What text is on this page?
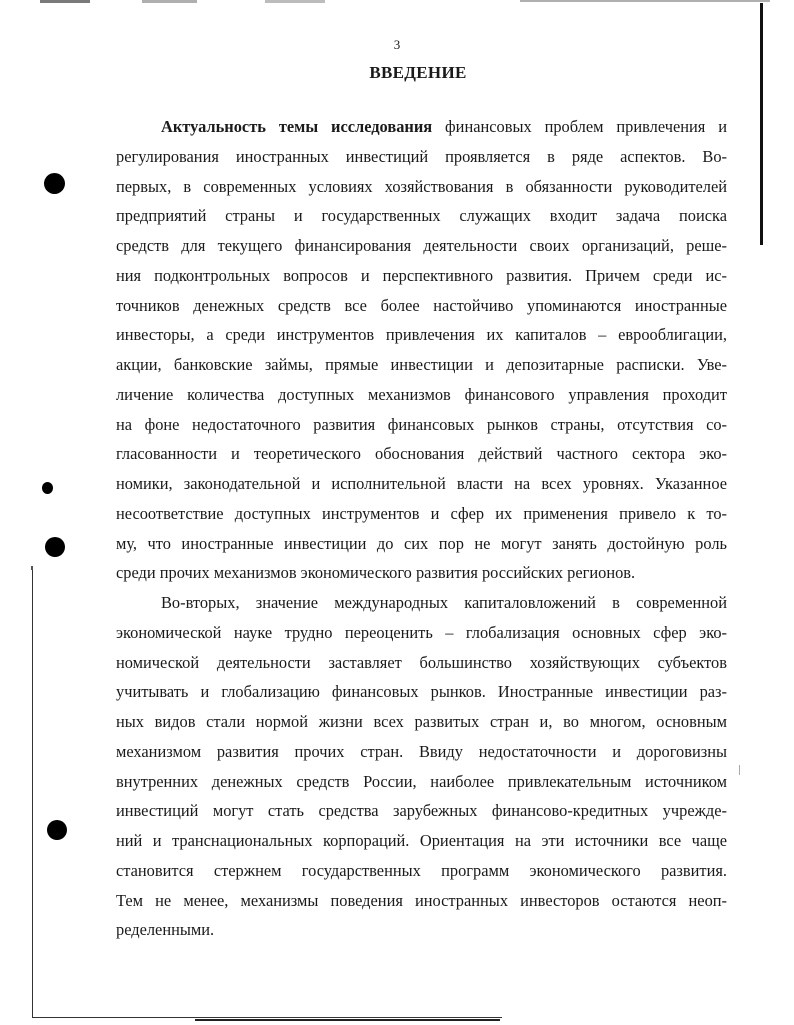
3
ВВЕДЕНИЕ
Актуальность темы исследования финансовых проблем привлечения и
регулирования иностранных инвестиций проявляется в ряде аспектов. Во-
первых, в современных условиях хозяйствования в обязанности руководителей
предприятий страны и государственных служащих входит задача поиска
средств для текущего финансирования деятельности своих организаций, реше-
ния подконтрольных вопросов и перспективного развития. Причем среди ис-
точников денежных средств все более настойчиво упоминаются иностранные
инвесторы, а среди инструментов привлечения их капиталов – еврооблигации,
акции, банковские займы, прямые инвестиции и депозитарные расписки. Уве-
личение количества доступных механизмов финансового управления проходит
на фоне недостаточного развития финансовых рынков страны, отсутствия со-
гласованности и теоретического обоснования действий частного сектора эко-
номики, законодательной и исполнительной власти на всех уровнях. Указанное
несоответствие доступных инструментов и сфер их применения привело к то-
му, что иностранные инвестиции до сих пор не могут занять достойную роль
среди прочих механизмов экономического развития российских регионов.
Во-вторых, значение международных капиталовложений в современной
экономической науке трудно переоценить – глобализация основных сфер эко-
номической деятельности заставляет большинство хозяйствующих субъектов
учитывать и глобализацию финансовых рынков. Иностранные инвестиции раз-
ных видов стали нормой жизни всех развитых стран и, во многом, основным
механизмом развития прочих стран. Ввиду недостаточности и дороговизны
внутренних денежных средств России, наиболее привлекательным источником
инвестиций могут стать средства зарубежных финансово-кредитных учрежде-
ний и транснациональных корпораций. Ориентация на эти источники все чаще
становится стержнем государственных программ экономического развития.
Тем не менее, механизмы поведения иностранных инвесторов остаются неоп-
ределенными.
